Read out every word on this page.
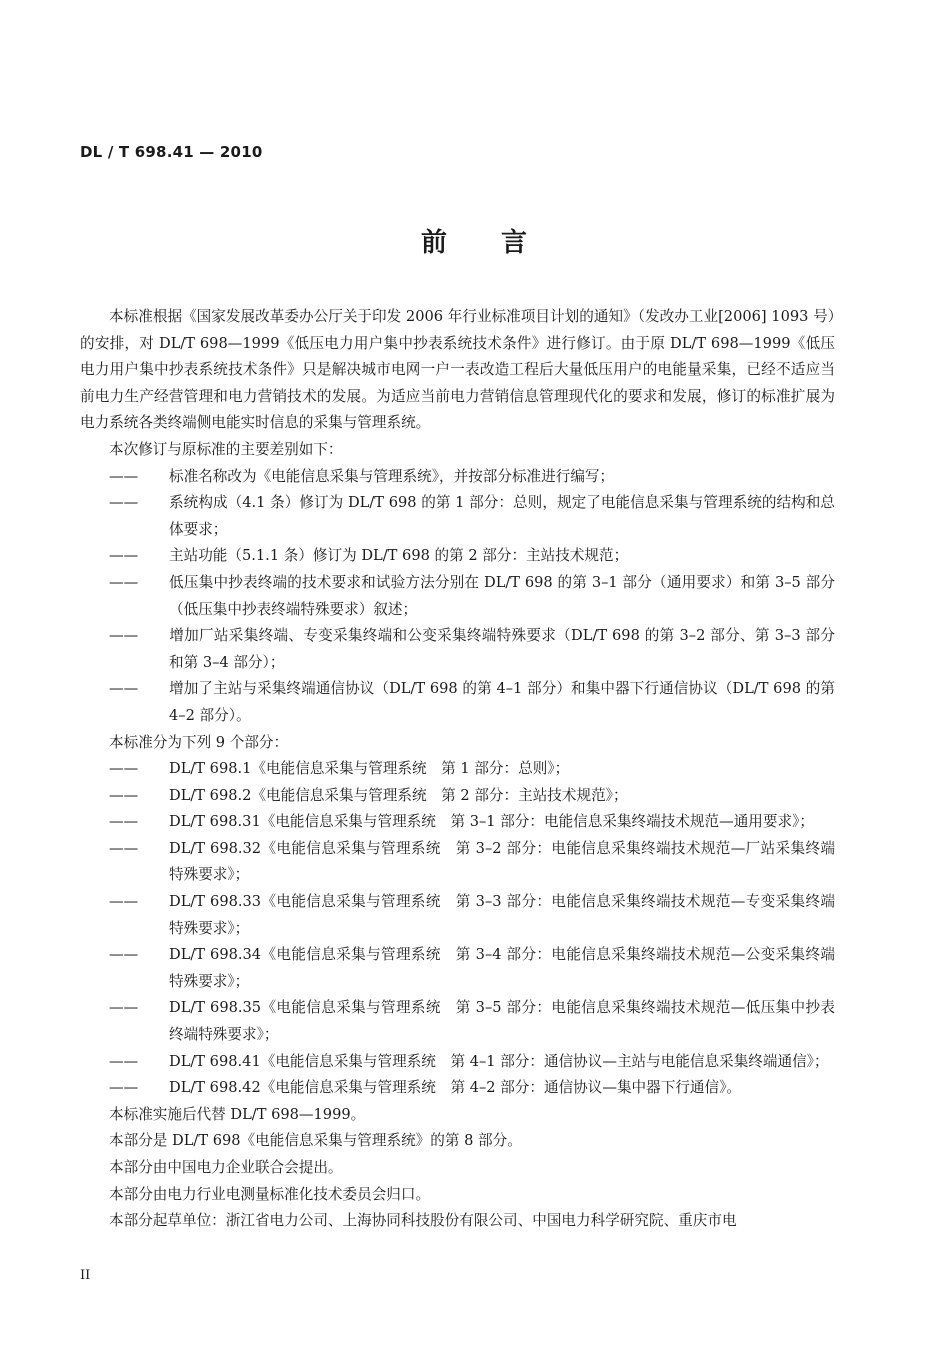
DL / T 698.41 — 2010
前 言

本标准根据《国家发展改革委办公厅关于印发 2006 年行业标准项目计划的通知》（发改办工业[2006] 1093 号）的安排，对 DL/T 698—1999《低压电力用户集中抄表系统技术条件》进行修订。由于原 DL/T 698—1999《低压电力用户集中抄表系统技术条件》只是解决城市电网一户一表改造工程后大量低压用户的电能量采集，已经不适应当前电力生产经营管理和电力营销技术的发展。为适应当前电力营销信息管理现代化的要求和发展，修订的标准扩展为电力系统各类终端侧电能实时信息的采集与管理系统。

本次修订与原标准的主要差别如下：

—— 标准名称改为《电能信息采集与管理系统》，并按部分标准进行编写；

—— 系统构成（4.1 条）修订为 DL/T 698 的第 1 部分：总则，规定了电能信息采集与管理系统的结构和总体要求；

—— 主站功能（5.1.1 条）修订为 DL/T 698 的第 2 部分：主站技术规范；

—— 低压集中抄表终端的技术要求和试验方法分别在 DL/T 698 的第 3–1 部分（通用要求）和第 3–5 部分（低压集中抄表终端特殊要求）叙述；

—— 增加厂站采集终端、专变采集终端和公变采集终端特殊要求（DL/T 698 的第 3–2 部分、第 3–3 部分和第 3–4 部分）；

—— 增加了主站与采集终端通信协议（DL/T 698 的第 4–1 部分）和集中器下行通信协议（DL/T 698 的第 4–2 部分）。

本标准分为下列 9 个部分：

—— DL/T 698.1《电能信息采集与管理系统　第 1 部分：总则》；

—— DL/T 698.2《电能信息采集与管理系统　第 2 部分：主站技术规范》；

—— DL/T 698.31《电能信息采集与管理系统　第 3–1 部分：电能信息采集终端技术规范—通用要求》；

—— DL/T 698.32《电能信息采集与管理系统　第 3–2 部分：电能信息采集终端技术规范—厂站采集终端特殊要求》；

—— DL/T 698.33《电能信息采集与管理系统　第 3–3 部分：电能信息采集终端技术规范—专变采集终端特殊要求》；

—— DL/T 698.34《电能信息采集与管理系统　第 3–4 部分：电能信息采集终端技术规范—公变采集终端特殊要求》；

—— DL/T 698.35《电能信息采集与管理系统　第 3–5 部分：电能信息采集终端技术规范—低压集中抄表终端特殊要求》；

—— DL/T 698.41《电能信息采集与管理系统　第 4–1 部分：通信协议—主站与电能信息采集终端通信》；

—— DL/T 698.42《电能信息采集与管理系统　第 4–2 部分：通信协议—集中器下行通信》。

本标准实施后代替 DL/T 698—1999。

本部分是 DL/T 698《电能信息采集与管理系统》的第 8 部分。

本部分由中国电力企业联合会提出。

本部分由电力行业电测量标准化技术委员会归口。

本部分起草单位：浙江省电力公司、上海协同科技股份有限公司、中国电力科学研究院、重庆市电

II
